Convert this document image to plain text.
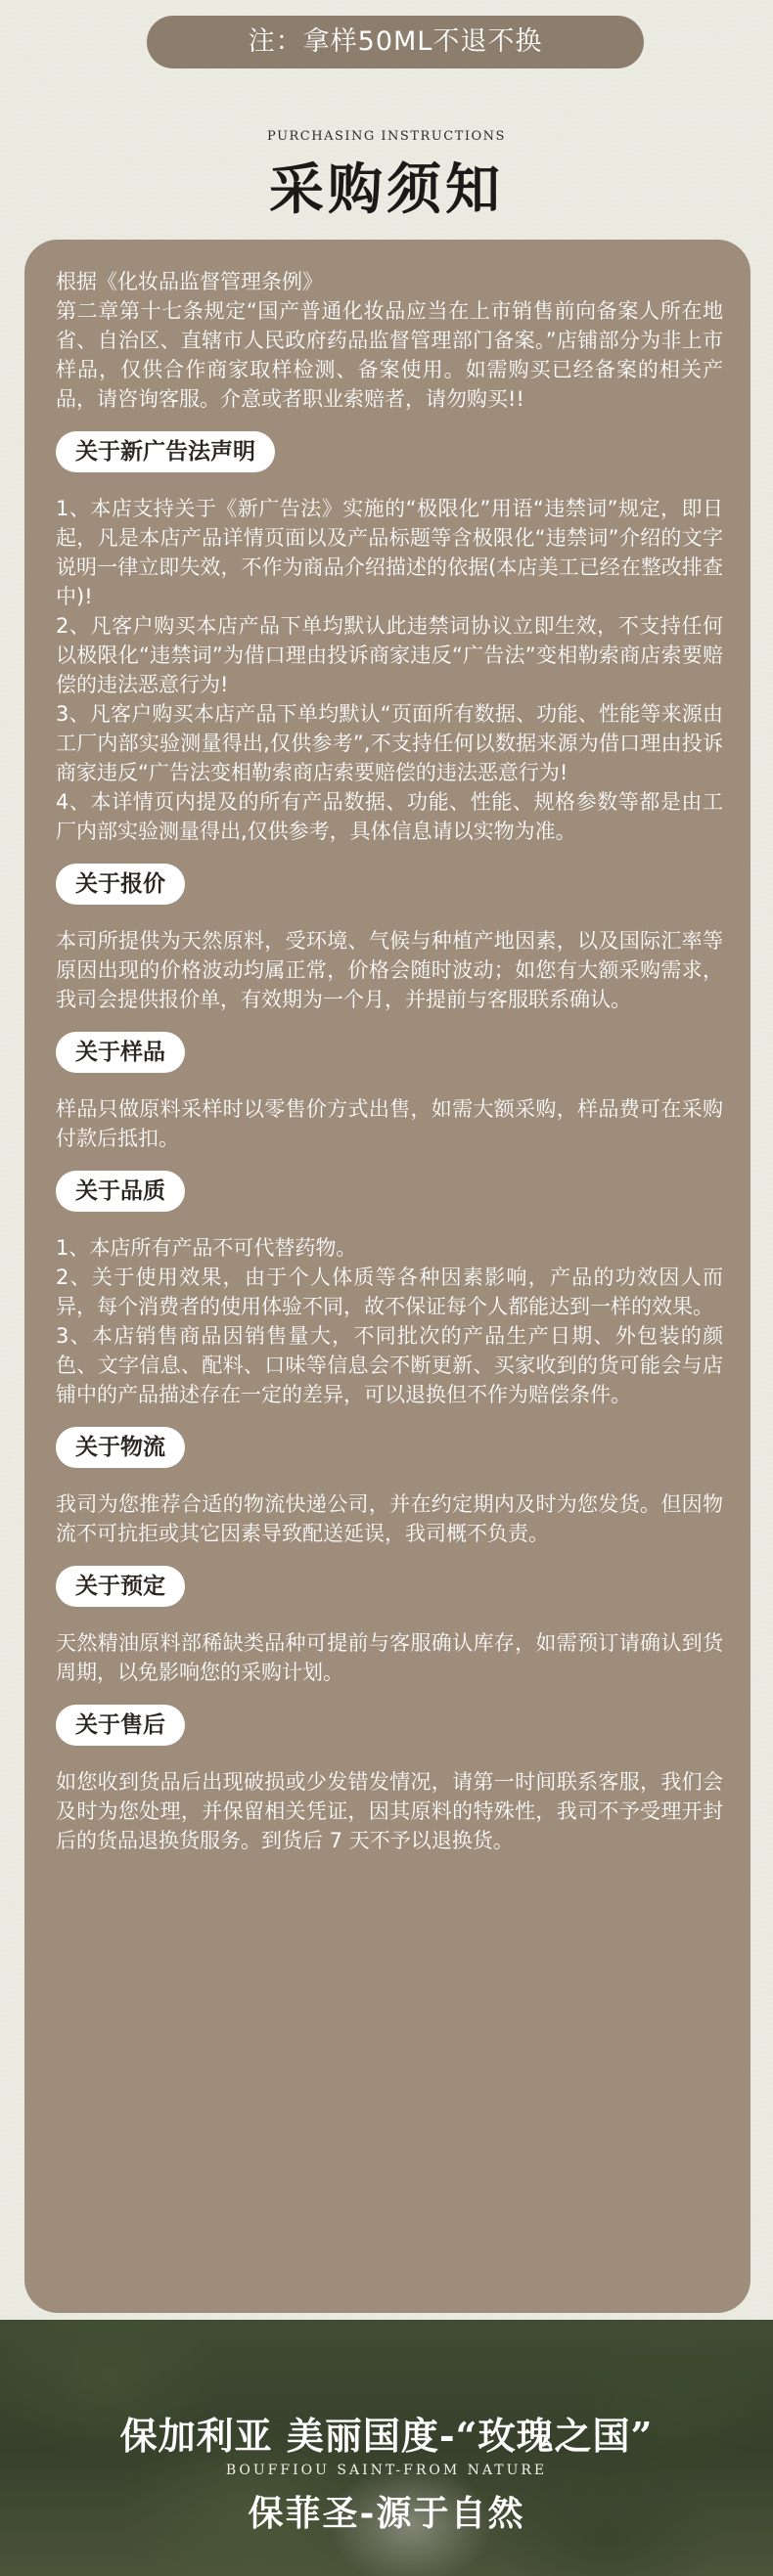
注：拿样50ML不退不换
PURCHASING INSTRUCTIONS
采购须知
根据《化妆品监督管理条例》
第二章第十七条规定“国产普通化妆品应当在上市销售前向备案人所在地省、自治区、直辖市人民政府药品监督管理部门备案。”店铺部分为非上市样品，仅供合作商家取样检测、备案使用。如需购买已经备案的相关产品，请咨询客服。介意或者职业索赔者，请勿购买!!
关于新广告法声明
1、本店支持关于《新广告法》实施的“极限化”用语“违禁词”规定，即日起，凡是本店产品详情页面以及产品标题等含极限化“违禁词”介绍的文字说明一律立即失效，不作为商品介绍描述的依据(本店美工已经在整改排查中)!
2、凡客户购买本店产品下单均默认此违禁词协议立即生效，不支持任何以极限化“违禁词”为借口理由投诉商家违反“广告法”变相勒索商店索要赔偿的违法恶意行为!
3、凡客户购买本店产品下单均默认“页面所有数据、功能、性能等来源由工厂内部实验测量得出,仅供参考”,不支持任何以数据来源为借口理由投诉商家违反“广告法变相勒索商店索要赔偿的违法恶意行为!
4、本详情页内提及的所有产品数据、功能、性能、规格参数等都是由工厂内部实验测量得出,仅供参考，具体信息请以实物为准。
关于报价
本司所提供为天然原料，受环境、气候与种植产地因素，以及国际汇率等原因出现的价格波动均属正常，价格会随时波动；如您有大额采购需求，我司会提供报价单，有效期为一个月，并提前与客服联系确认。
关于样品
样品只做原料采样时以零售价方式出售，如需大额采购，样品费可在采购付款后抵扣。
关于品质
1、本店所有产品不可代替药物。
2、关于使用效果，由于个人体质等各种因素影响，产品的功效因人而异，每个消费者的使用体验不同，故不保证每个人都能达到一样的效果。
3、本店销售商品因销售量大，不同批次的产品生产日期、外包装的颜色、文字信息、配料、口味等信息会不断更新、买家收到的货可能会与店铺中的产品描述存在一定的差异，可以退换但不作为赔偿条件。
关于物流
我司为您推荐合适的物流快递公司，并在约定期内及时为您发货。但因物流不可抗拒或其它因素导致配送延误，我司概不负责。
关于预定
天然精油原料部稀缺类品种可提前与客服确认库存，如需预订请确认到货周期，以免影响您的采购计划。
关于售后
如您收到货品后出现破损或少发错发情况，请第一时间联系客服，我们会及时为您处理，并保留相关凭证，因其原料的特殊性，我司不予受理开封后的货品退换货服务。到货后 7 天不予以退换货。
保加利亚 美丽国度-“玫瑰之国”
BOUFFIOU SAINT-FROM NATURE
保菲圣-源于自然
